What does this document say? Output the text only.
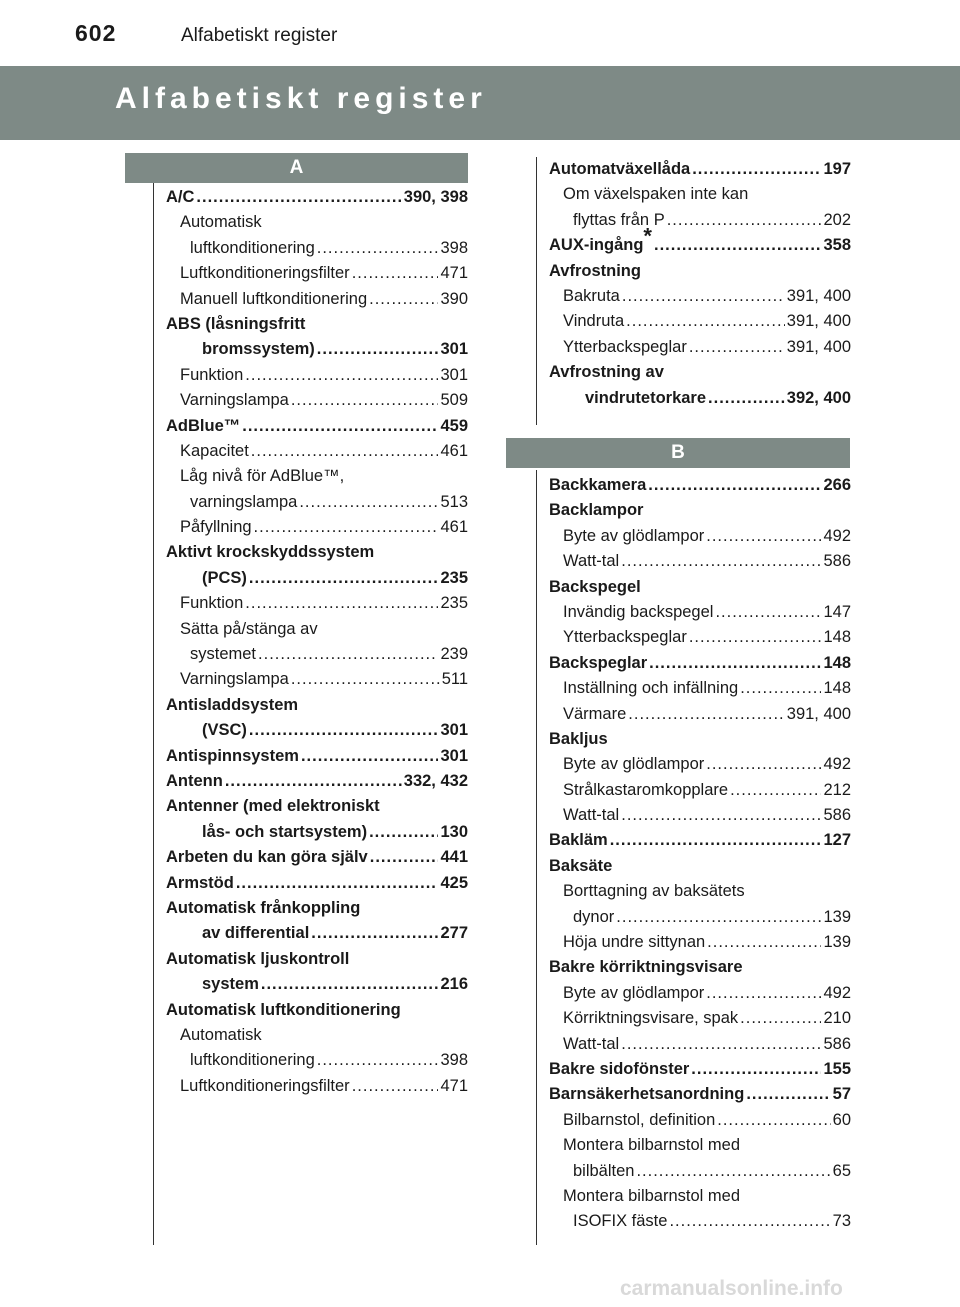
602	Alfabetiskt register
Alfabetiskt register
A
B
A/C .....	390, 398
Automatisk
luftkonditionering .....	398
Luftkonditioneringsfilter .....	471
Manuell luftkonditionering .....	390
ABS (låsningsfritt
bromssystem) .....	301
Funktion .....	301
Varningslampa .....	509
AdBlue™ .....	459
Kapacitet .....	461
Låg nivå för AdBlue™,
varningslampa .....	513
Påfyllning .....	461
Aktivt krockskyddssystem
(PCS) .....	235
Funktion .....	235
Sätta på/stänga av
systemet .....	239
Varningslampa .....	511
Antisladdsystem
(VSC) .....	301
Antispinnsystem .....	301
Antenn .....	332, 432
Antenner (med elektroniskt
lås- och startsystem) .....	130
Arbeten du kan göra själv .....	441
Armstöd .....	425
Automatisk frånkoppling
av differential .....	277
Automatisk ljuskontroll
system .....	216
Automatisk luftkonditionering
Automatisk
luftkonditionering .....	398
Luftkonditioneringsfilter .....	471
Automatväxellåda .....	197
Om växelspaken inte kan
flyttas från P .....	202
AUX-ingång* .....	358
Avfrostning
Bakruta .....	391, 400
Vindruta .....	391, 400
Ytterbackspeglar .....	391, 400
Avfrostning av
vindrutetorkare .....	392, 400
Backkamera .....	266
Backlampor
Byte av glödlampor .....	492
Watt-tal .....	586
Backspegel
Invändig backspegel .....	147
Ytterbackspeglar .....	148
Backspeglar .....	148
Inställning och infällning .....	148
Värmare .....	391, 400
Bakljus
Byte av glödlampor .....	492
Strålkastaromkopplare .....	212
Watt-tal .....	586
Bakläm .....	127
Baksäte
Borttagning av baksätets
dynor .....	139
Höja undre sittynan .....	139
Bakre körriktningsvisare
Byte av glödlampor .....	492
Körriktningsvisare, spak .....	210
Watt-tal .....	586
Bakre sidofönster .....	155
Barnsäkerhetsanordning .....	57
Bilbarnstol, definition .....	60
Montera bilbarnstol med
bilbälten .....	65
Montera bilbarnstol med
ISOFIX fäste .....	73
carmanualsonline.info
